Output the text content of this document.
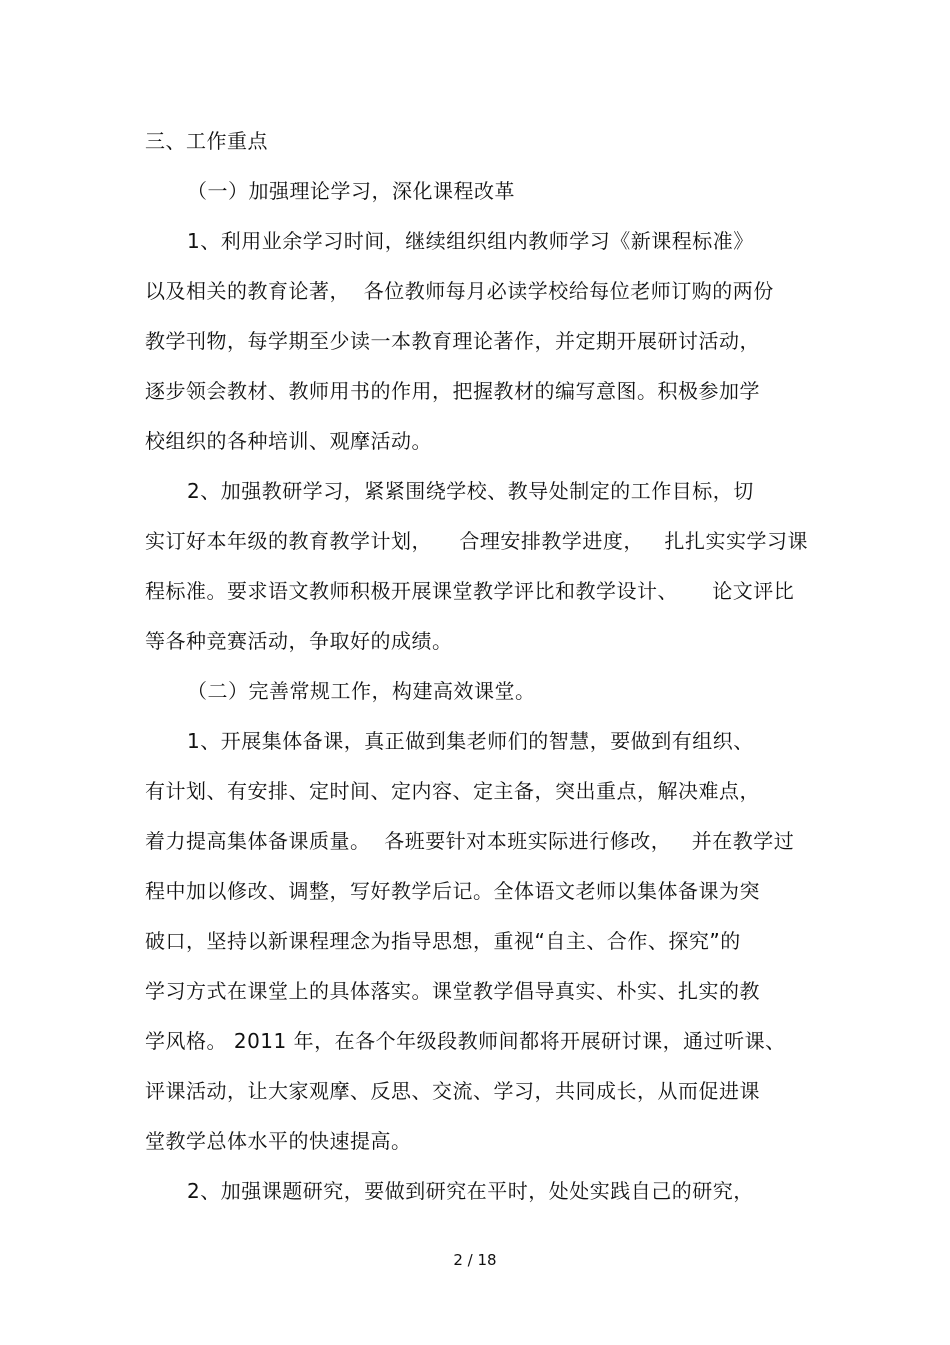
三、工作重点
（一）加强理论学习，深化课程改革
1、利用业余学习时间，继续组织组内教师学习《新课程标准》
以及相关的教育论著，  各位教师每月必读学校给每位老师订购的两份
教学刊物，每学期至少读一本教育理论著作，并定期开展研讨活动，
逐步领会教材、教师用书的作用，把握教材的编写意图。积极参加学
校组织的各种培训、观摩活动。
2、加强教研学习，紧紧围绕学校、教导处制定的工作目标，切
实订好本年级的教育教学计划，    合理安排教学进度，   扎扎实实学习课
程标准。要求语文教师积极开展课堂教学评比和教学设计、     论文评比
等各种竞赛活动，争取好的成绩。
（二）完善常规工作，构建高效课堂。
1、开展集体备课，真正做到集老师们的智慧，要做到有组织、
有计划、有安排、定时间、定内容、定主备，突出重点，解决难点，
着力提高集体备课质量。  各班要针对本班实际进行修改，   并在教学过
程中加以修改、调整，写好教学后记。全体语文老师以集体备课为突
破口，坚持以新课程理念为指导思想，重视“自主、合作、探究”的
学习方式在课堂上的具体落实。课堂教学倡导真实、朴实、扎实的教
学风格。 2011 年，在各个年级段教师间都将开展研讨课，通过听课、
评课活动，让大家观摩、反思、交流、学习，共同成长，从而促进课
堂教学总体水平的快速提高。
2、加强课题研究，要做到研究在平时，处处实践自己的研究，
2 / 18
